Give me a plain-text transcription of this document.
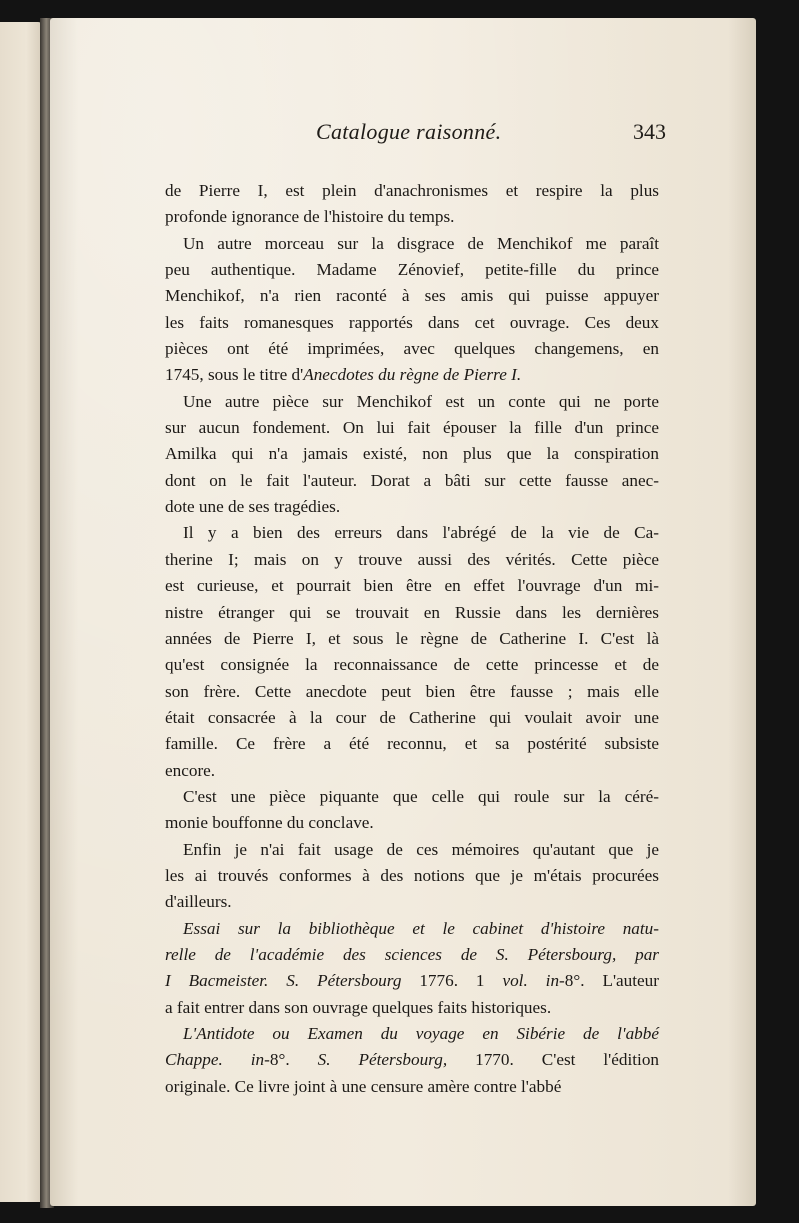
Catalogue raisonné.	343
de Pierre I, est plein d'anachronismes et respire la plus
profonde ignorance de l'histoire du temps.
Un autre morceau sur la disgrace de Menchikof me paraît
peu authentique. Madame Zénovief, petite-fille du prince
Menchikof, n'a rien raconté à ses amis qui puisse appuyer
les faits romanesques rapportés dans cet ouvrage. Ces deux
pièces ont été imprimées, avec quelques changemens, en
1745, sous le titre d'Anecdotes du règne de Pierre I.
Une autre pièce sur Menchikof est un conte qui ne porte
sur aucun fondement. On lui fait épouser la fille d'un prince
Amilka qui n'a jamais existé, non plus que la conspiration
dont on le fait l'auteur. Dorat a bâti sur cette fausse anec-
dote une de ses tragédies.
Il y a bien des erreurs dans l'abrégé de la vie de Ca-
therine I; mais on y trouve aussi des vérités. Cette pièce
est curieuse, et pourrait bien être en effet l'ouvrage d'un mi-
nistre étranger qui se trouvait en Russie dans les dernières
années de Pierre I, et sous le règne de Catherine I. C'est là
qu'est consignée la reconnaissance de cette princesse et de
son frère. Cette anecdote peut bien être fausse ; mais elle
était consacrée à la cour de Catherine qui voulait avoir une
famille. Ce frère a été reconnu, et sa postérité subsiste
encore.
C'est une pièce piquante que celle qui roule sur la céré-
monie bouffonne du conclave.
Enfin je n'ai fait usage de ces mémoires qu'autant que je
les ai trouvés conformes à des notions que je m'étais procurées
d'ailleurs.
Essai sur la bibliothèque et le cabinet d'histoire natu-
relle de l'académie des sciences de S. Pétersbourg, par
I Bacmeister. S. Pétersbourg 1776. 1 vol. in-8°. L'auteur
a fait entrer dans son ouvrage quelques faits historiques.
L'Antidote ou Examen du voyage en Sibérie de l'abbé
Chappe. in-8°. S. Pétersbourg, 1770. C'est l'édition
originale. Ce livre joint à une censure amère contre l'abbé
